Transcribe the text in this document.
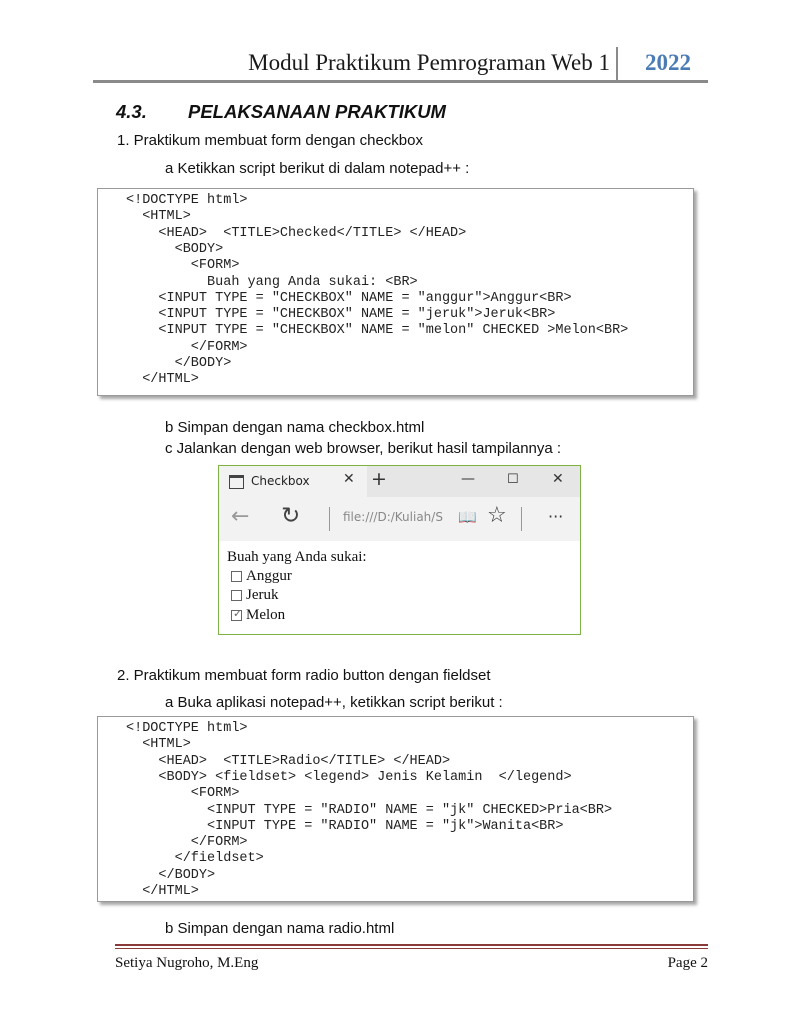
Modul Praktikum Pemrograman Web 1	2022
4.3. PELAKSANAAN PRAKTIKUM
1. Praktikum membuat form dengan checkbox
a Ketikkan script berikut di dalam notepad++ :
<!DOCTYPE html>
<HTML>
<HEAD>  <TITLE>Checked</TITLE> </HEAD>
<BODY>
<FORM>
Buah yang Anda sukai: <BR>
<INPUT TYPE = "CHECKBOX" NAME = "anggur">Anggur<BR>
<INPUT TYPE = "CHECKBOX" NAME = "jeruk">Jeruk<BR>
<INPUT TYPE = "CHECKBOX" NAME = "melon" CHECKED >Melon<BR>
</FORM>
</BODY>
</HTML>
b Simpan dengan nama checkbox.html
c Jalankan dengan web browser, berikut hasil tampilannya :
Checkbox ✕ +	— ☐ ✕
← ↻	file:///D:/Kuliah/S 📖 ☆	···
Buah yang Anda sukai:
Anggur
Jeruk
✓ Melon
2. Praktikum membuat form radio button dengan fieldset
a Buka aplikasi notepad++, ketikkan script berikut :
<!DOCTYPE html>
<HTML>
<HEAD>  <TITLE>Radio</TITLE> </HEAD>
<BODY> <fieldset> <legend> Jenis Kelamin  </legend>
<FORM>
<INPUT TYPE = "RADIO" NAME = "jk" CHECKED>Pria<BR>
<INPUT TYPE = "RADIO" NAME = "jk">Wanita<BR>
</FORM>
</fieldset>
</BODY>
</HTML>
b Simpan dengan nama radio.html
Setiya Nugroho, M.Eng	Page 2
